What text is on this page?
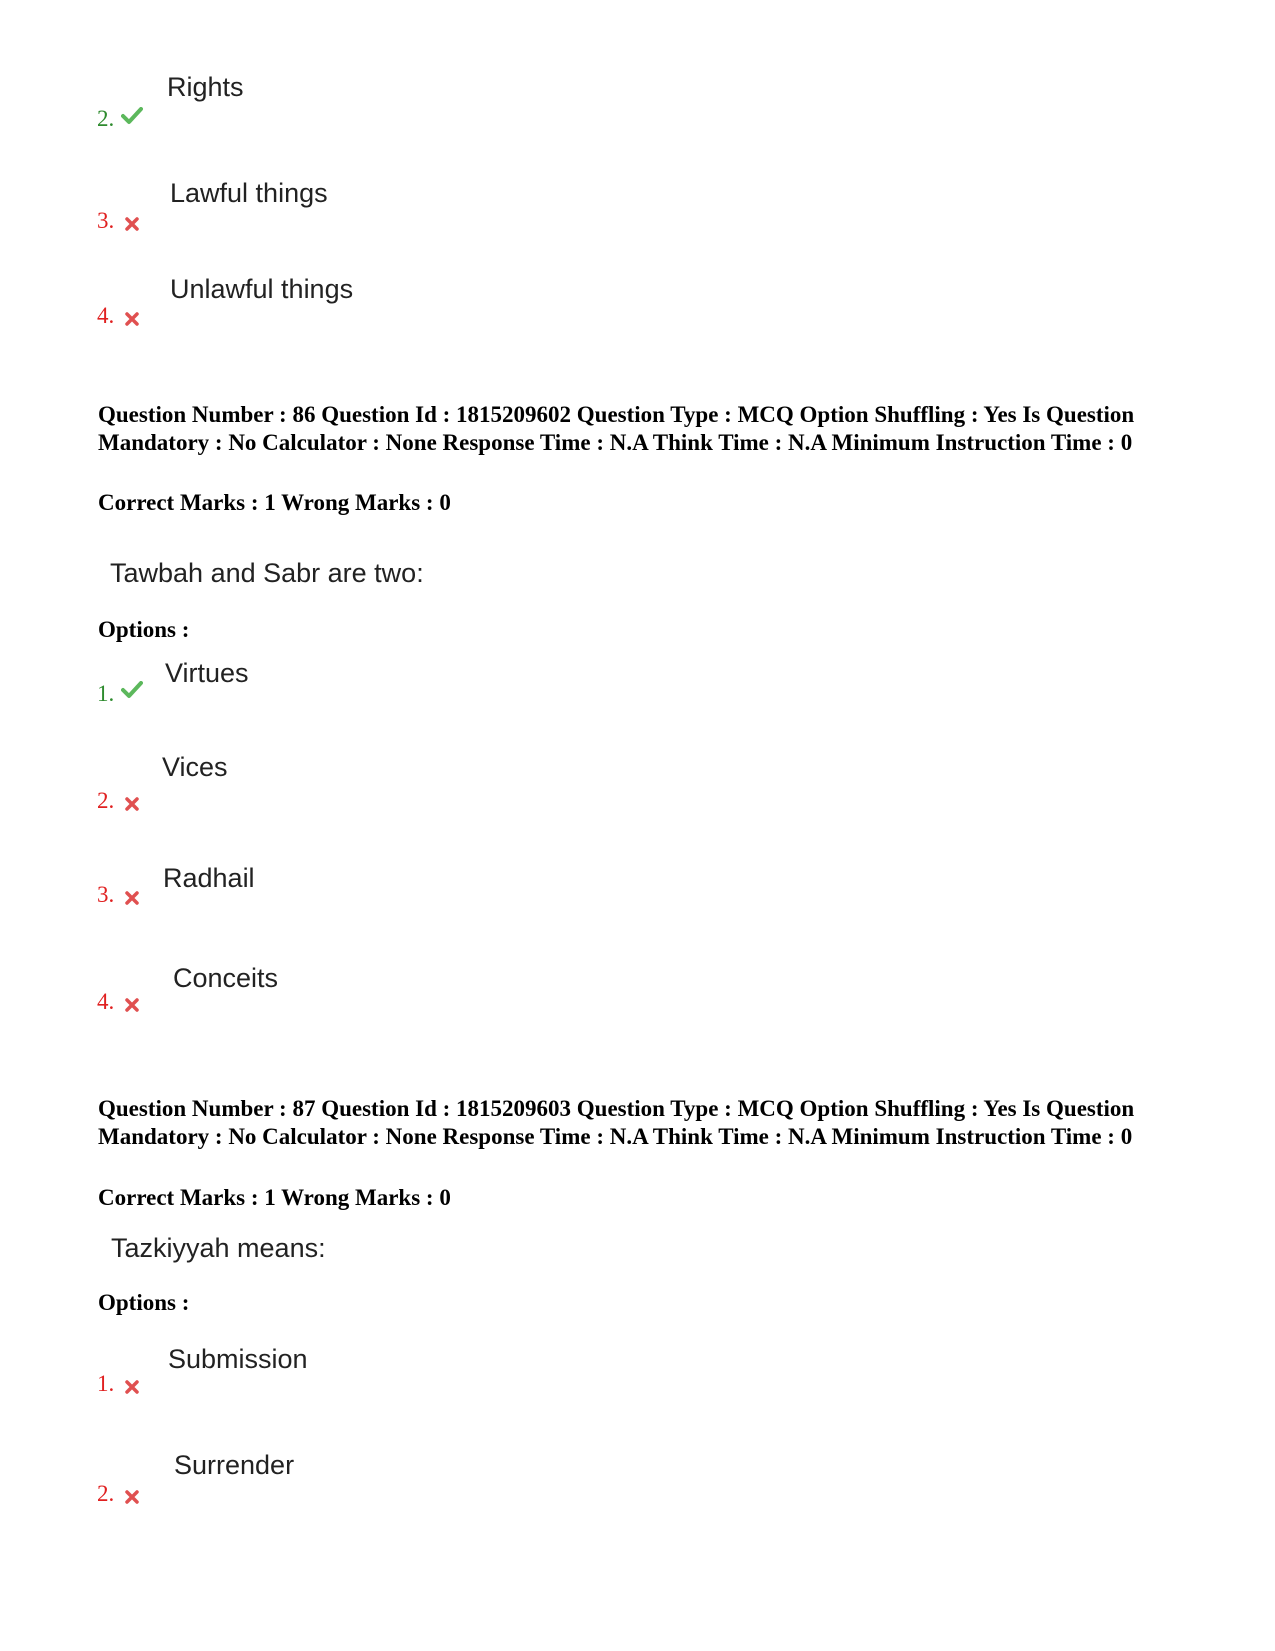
Rights
2.
Lawful things
3.
Unlawful things
4.
Question Number : 86 Question Id : 1815209602 Question Type : MCQ Option Shuffling : Yes Is Question Mandatory : No Calculator : None Response Time : N.A Think Time : N.A Minimum Instruction Time : 0
Correct Marks : 1 Wrong Marks : 0
Tawbah and Sabr are two:
Options :
Virtues
1.
Vices
2.
Radhail
3.
Conceits
4.
Question Number : 87 Question Id : 1815209603 Question Type : MCQ Option Shuffling : Yes Is Question Mandatory : No Calculator : None Response Time : N.A Think Time : N.A Minimum Instruction Time : 0
Correct Marks : 1 Wrong Marks : 0
Tazkiyyah means:
Options :
Submission
1.
Surrender
2.
